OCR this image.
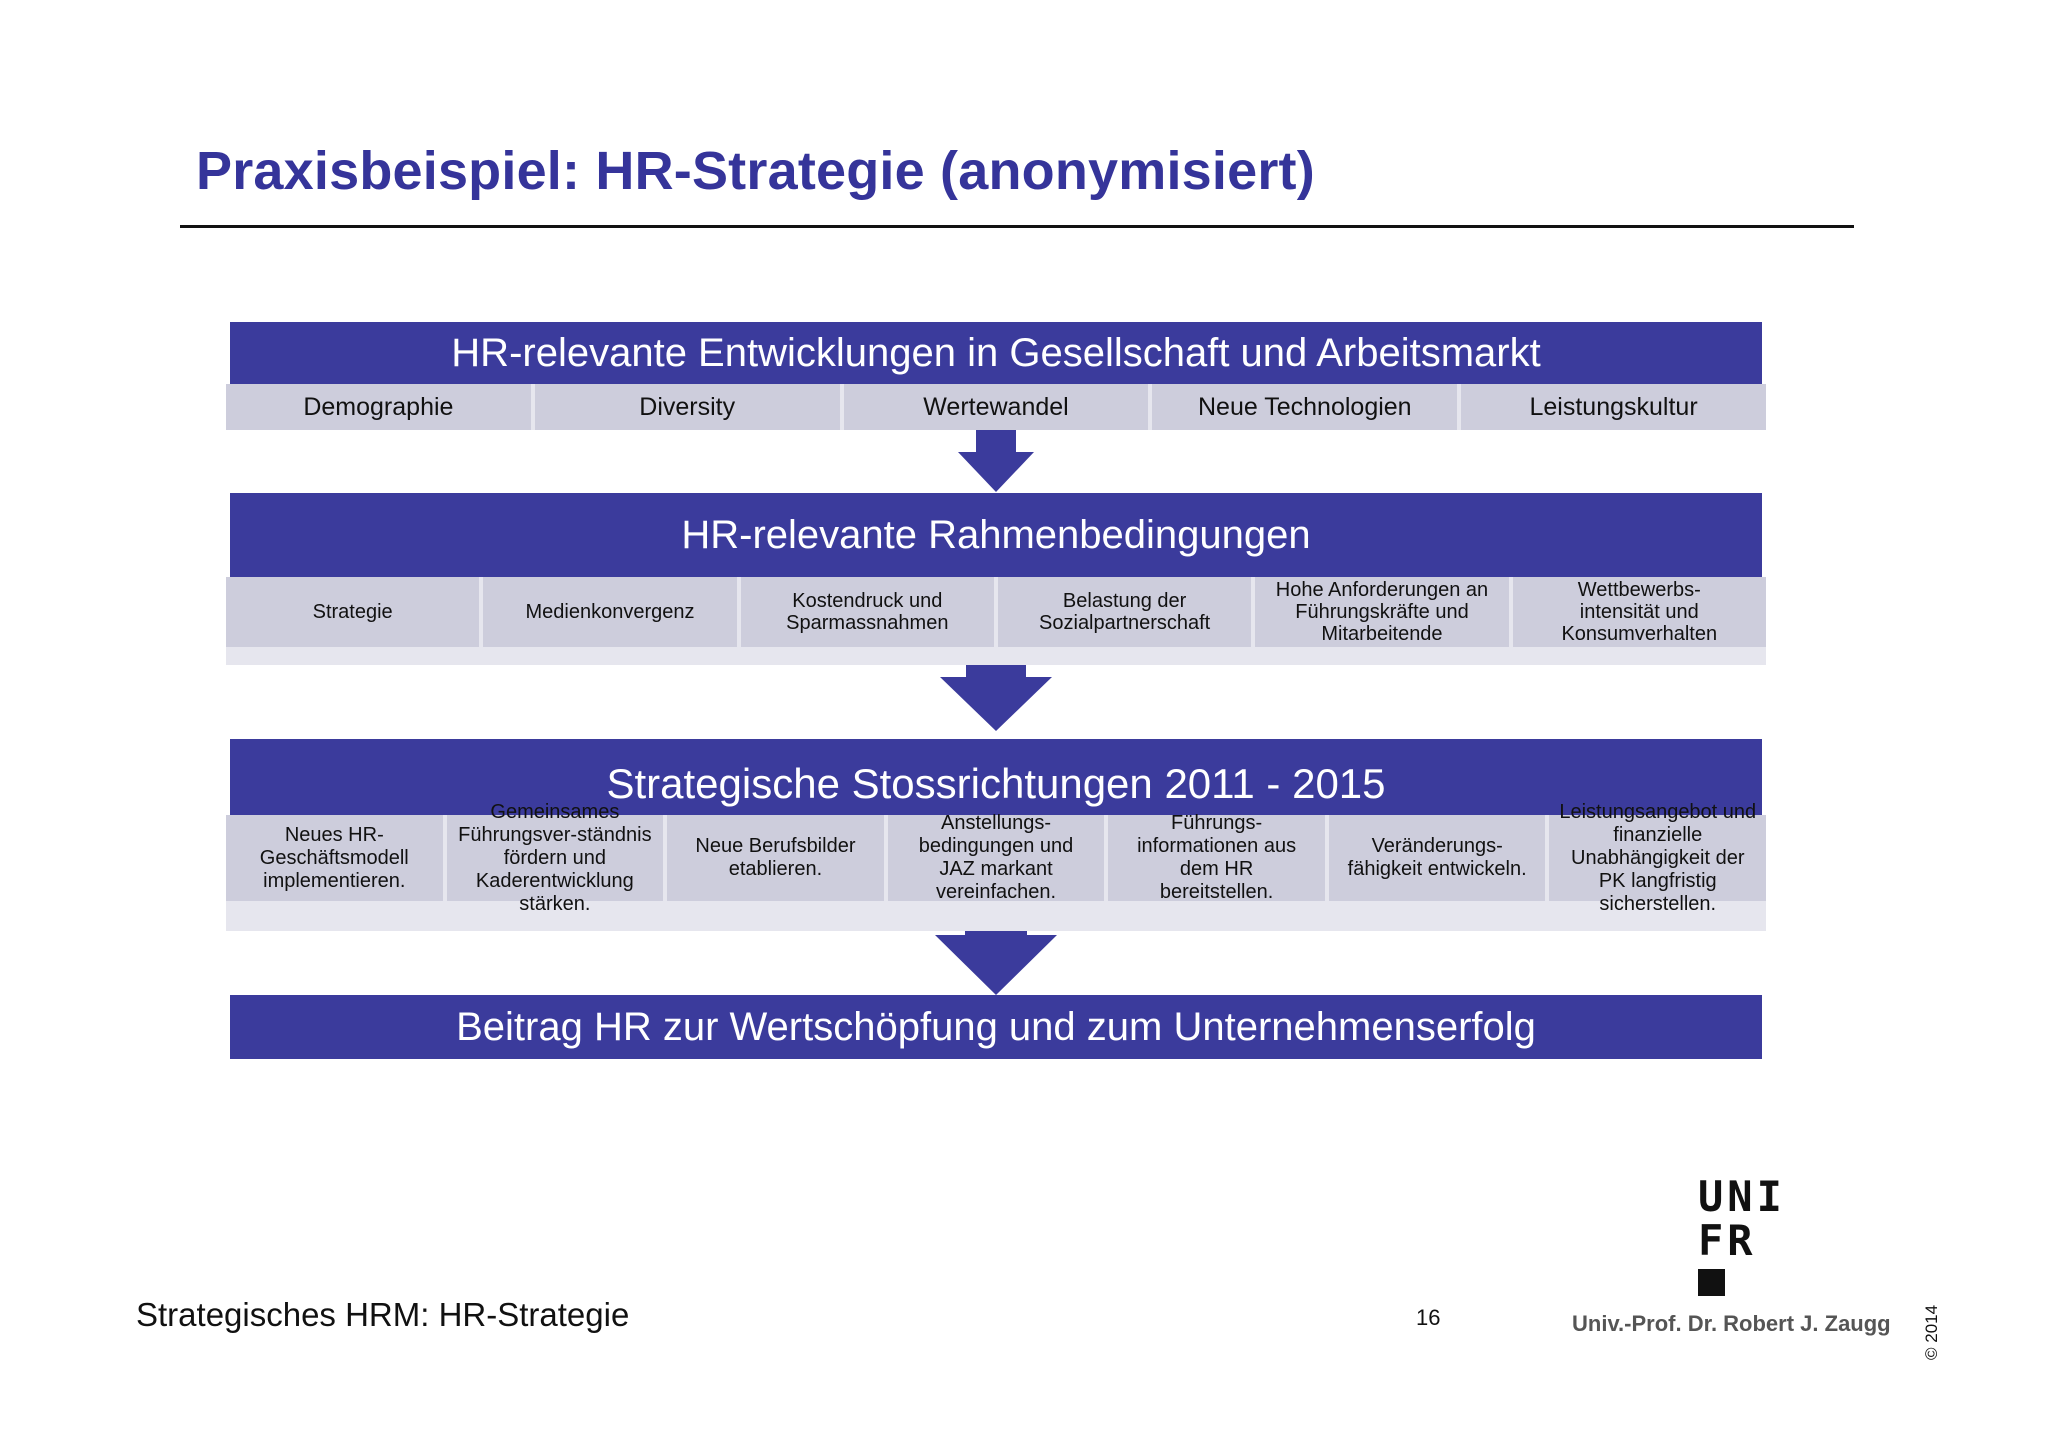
Praxisbeispiel: HR-Strategie (anonymisiert)
HR-relevante Entwicklungen in Gesellschaft und Arbeitsmarkt
Demographie	Diversity	Wertewandel	Neue Technologien	Leistungskultur
HR-relevante Rahmenbedingungen
Strategie	Medienkonvergenz	Kostendruck und Sparmassnahmen
Belastung der Sozialpartnerschaft
Hohe Anforderungen an Führungskräfte und Mitarbeitende
Wettbewerbs-intensität und Konsumverhalten
Strategische Stossrichtungen 2011 - 2015
Neues HR-Geschäftsmodell implementieren.
Gemeinsames Führungsver-ständnis fördern und Kaderentwicklung stärken.
Neue Berufsbilder etablieren.
Anstellungs-bedingungen und JAZ markant vereinfachen.
Führungs-informationen aus dem HR bereitstellen.
Veränderungs-fähigkeit entwickeln.
Leistungsangebot und finanzielle Unabhängigkeit der PK langfristig sicherstellen.
Beitrag HR zur Wertschöpfung und zum Unternehmenserfolg
UNI
FR
Strategisches HRM: HR-Strategie	16	Univ.-Prof. Dr. Robert J. Zaugg © 2014
